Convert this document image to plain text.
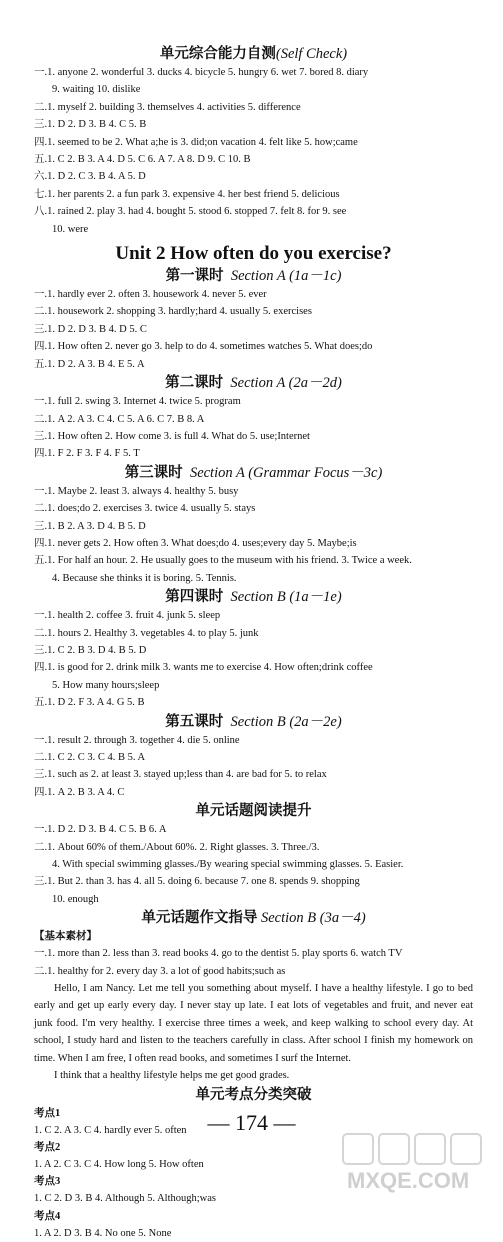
单元综合能力自测(Self Check)
一.1. anyone 2. wonderful 3. ducks 4. bicycle 5. hungry 6. wet 7. bored 8. diary
9. waiting 10. dislike
二.1. myself 2. building 3. themselves 4. activities 5. difference
三.1. D 2. D 3. B 4. C 5. B
四.1. seemed to be 2. What a;he is 3. did;on vacation 4. felt like 5. how;came
五.1. C 2. B 3. A 4. D 5. C 6. A 7. A 8. D 9. C 10. B
六.1. D 2. C 3. B 4. A 5. D
七.1. her parents 2. a fun park 3. expensive 4. her best friend 5. delicious
八.1. rained 2. play 3. had 4. bought 5. stood 6. stopped 7. felt 8. for 9. see
10. were
Unit 2 How often do you exercise?
第一课时 Section A (1a－1c)
一.1. hardly ever 2. often 3. housework 4. never 5. ever
二.1. housework 2. shopping 3. hardly;hard 4. usually 5. exercises
三.1. D 2. D 3. B 4. D 5. C
四.1. How often 2. never go 3. help to do 4. sometimes watches 5. What does;do
五.1. D 2. A 3. B 4. E 5. A
第二课时 Section A (2a－2d)
一.1. full 2. swing 3. Internet 4. twice 5. program
二.1. A 2. A 3. C 4. C 5. A 6. C 7. B 8. A
三.1. How often 2. How come 3. is full 4. What do 5. use;Internet
四.1. F 2. F 3. F 4. F 5. T
第三课时 Section A (Grammar Focus－3c)
一.1. Maybe 2. least 3. always 4. healthy 5. busy
二.1. does;do 2. exercises 3. twice 4. usually 5. stays
三.1. B 2. A 3. D 4. B 5. D
四.1. never gets 2. How often 3. What does;do 4. uses;every day 5. Maybe;is
五.1. For half an hour. 2. He usually goes to the museum with his friend. 3. Twice a week.
4. Because she thinks it is boring. 5. Tennis.
第四课时 Section B (1a－1e)
一.1. health 2. coffee 3. fruit 4. junk 5. sleep
二.1. hours 2. Healthy 3. vegetables 4. to play 5. junk
三.1. C 2. B 3. D 4. B 5. D
四.1. is good for 2. drink milk 3. wants me to exercise 4. How often;drink coffee
5. How many hours;sleep
五.1. D 2. F 3. A 4. G 5. B
第五课时 Section B (2a－2e)
一.1. result 2. through 3. together 4. die 5. online
二.1. C 2. C 3. C 4. B 5. A
三.1. such as 2. at least 3. stayed up;less than 4. are bad for 5. to relax
四.1. A 2. B 3. A 4. C
单元话题阅读提升
一.1. D 2. D 3. B 4. C 5. B 6. A
二.1. About 60% of them./About 60%. 2. Right glasses. 3. Three./3.
4. With special swimming glasses./By wearing special swimming glasses. 5. Easier.
三.1. But 2. than 3. has 4. all 5. doing 6. because 7. one 8. spends 9. shopping
10. enough
单元话题作文指导 Section B (3a－4)
【基本素材】
一.1. more than 2. less than 3. read books 4. go to the dentist 5. play sports 6. watch TV
二.1. healthy for 2. every day 3. a lot of good habits;such as
Hello, I am Nancy. Let me tell you something about myself. I have a healthy lifestyle. I go to bed early and get up early every day. I never stay up late. I eat lots of vegetables and fruit, and never eat junk food. I'm very healthy. I exercise three times a week, and keep walking to school every day. At school, I study hard and listen to the teachers carefully in class. After school I finish my homework on time. When I am free, I often read books, and sometimes I surf the Internet.
I think that a healthy lifestyle helps me get good grades.
单元考点分类突破
考点1
1. C 2. A 3. C 4. hardly ever 5. often
考点2
1. A 2. C 3. C 4. How long 5. How often
考点3
1. C 2. D 3. B 4. Although 5. Although;was
考点4
1. A 2. D 3. B 4. No one 5. None
— 174 —
MXQE.COM
